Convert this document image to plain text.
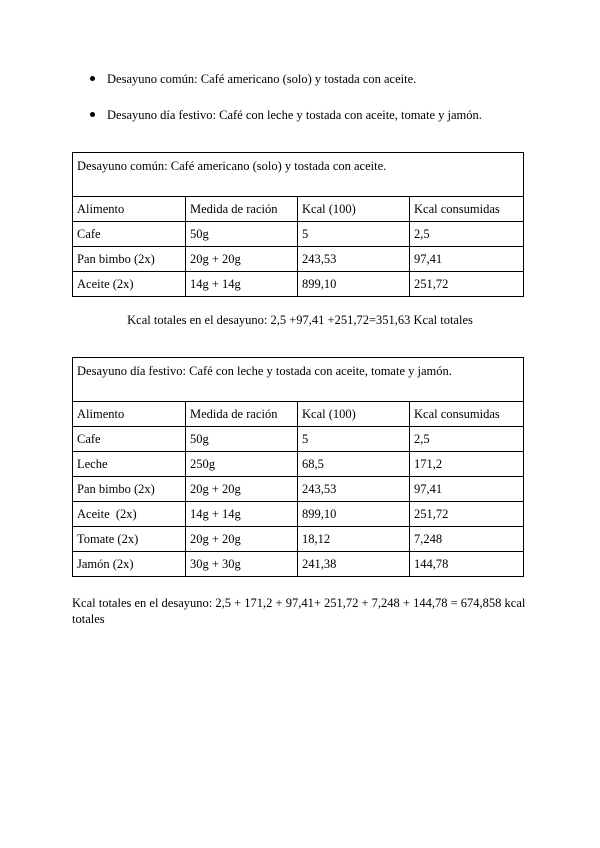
Desayuno común: Café americano (solo) y tostada con aceite.
Desayuno día festivo: Café con leche y tostada con aceite, tomate y jamón.
Desayuno común: Café americano (solo) y tostada con aceite.			
Alimento	Medida de ración	Kcal (100)	Kcal consumidas
Cafe	50g	5	2,5
Pan bimbo (2x)	20g + 20g	243,53	97,41
Aceite (2x)	14g + 14g	899,10	251,72
Kcal totales en el desayuno: 2,5 +97,41 +251,72=351,63 Kcal totales
Desayuno día festivo: Café con leche y tostada con aceite, tomate y jamón.			
Alimento	Medida de ración	Kcal (100)	Kcal consumidas
Cafe	50g	5	2,5
Leche	250g	68,5	171,2
Pan bimbo (2x)	20g + 20g	243,53	97,41
Aceite  (2x)	14g + 14g	899,10	251,72
Tomate (2x)	20g + 20g	18,12	7,248
Jamón (2x)	30g + 30g	241,38	144,78
Kcal totales en el desayuno: 2,5 + 171,2 + 97,41+ 251,72 + 7,248 + 144,78 = 674,858 kcal totales
